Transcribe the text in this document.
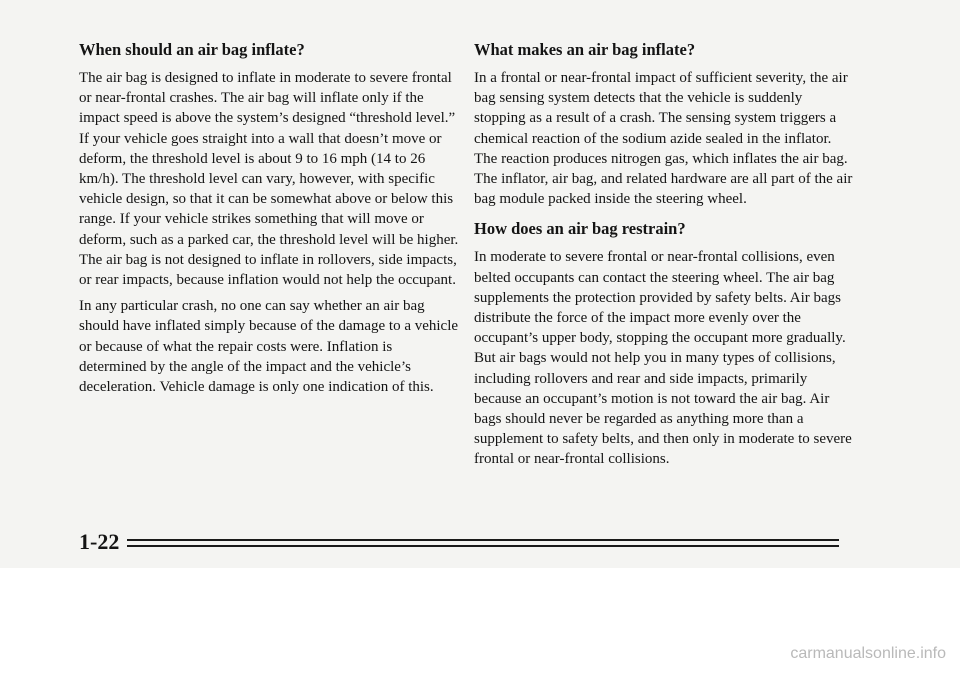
When should an air bag inflate?

The air bag is designed to inflate in moderate to severe frontal or near-frontal crashes. The air bag will inflate only if the impact speed is above the system’s designed “threshold level.” If your vehicle goes straight into a wall that doesn’t move or deform, the threshold level is about 9 to 16 mph (14 to 26 km/h). The threshold level can vary, however, with specific vehicle design, so that it can be somewhat above or below this range. If your vehicle strikes something that will move or deform, such as a parked car, the threshold level will be higher. The air bag is not designed to inflate in rollovers, side impacts, or rear impacts, because inflation would not help the occupant.

In any particular crash, no one can say whether an air bag should have inflated simply because of the damage to a vehicle or because of what the repair costs were. Inflation is determined by the angle of the impact and the vehicle’s deceleration. Vehicle damage is only one indication of this.

What makes an air bag inflate?

In a frontal or near-frontal impact of sufficient severity, the air bag sensing system detects that the vehicle is suddenly stopping as a result of a crash. The sensing system triggers a chemical reaction of the sodium azide sealed in the inflator. The reaction produces nitrogen gas, which inflates the air bag. The inflator, air bag, and related hardware are all part of the air bag module packed inside the steering wheel.

How does an air bag restrain?

In moderate to severe frontal or near-frontal collisions, even belted occupants can contact the steering wheel. The air bag supplements the protection provided by safety belts. Air bags distribute the force of the impact more evenly over the occupant’s upper body, stopping the occupant more gradually. But air bags would not help you in many types of collisions, including rollovers and rear and side impacts, primarily because an occupant’s motion is not toward the air bag. Air bags should never be regarded as anything more than a supplement to safety belts, and then only in moderate to severe frontal or near-frontal collisions.

1-22
carmanualsonline.info
